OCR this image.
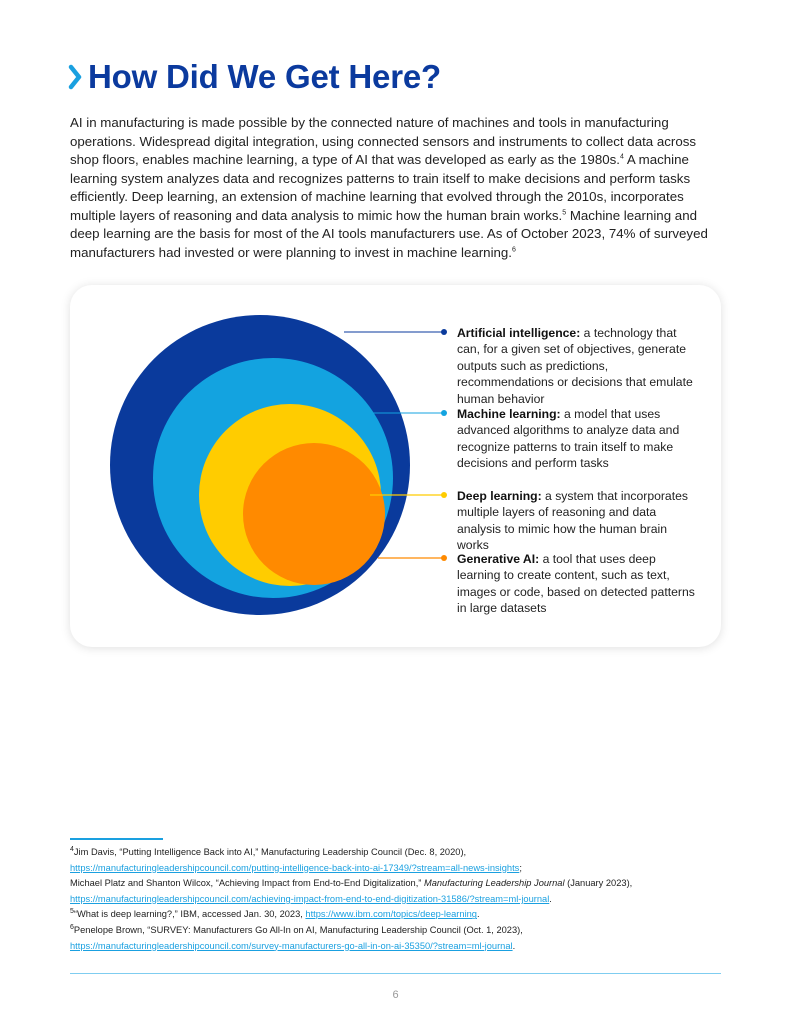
How Did We Get Here?

AI in manufacturing is made possible by the connected nature of machines and tools in manufacturing operations. Widespread digital integration, using connected sensors and instruments to collect data across shop floors, enables machine learning, a type of AI that was developed as early as the 1980s.$^4$ A machine learning system analyzes data and recognizes patterns to train itself to make decisions and perform tasks efficiently. Deep learning, an extension of machine learning that evolved through the 2010s, incorporates multiple layers of reasoning and data analysis to mimic how the human brain works.$^5$ Machine learning and deep learning are the basis for most of the AI tools manufacturers use. As of October 2023, 74% of surveyed manufacturers had invested or were planning to invest in machine learning.$^6$

Artificial intelligence: a technology that can, for a given set of objectives, generate outputs such as predictions, recommendations or decisions that emulate human behavior
Machine learning: a model that uses advanced algorithms to analyze data and recognize patterns to train itself to make decisions and perform tasks
Deep learning: a system that incorporates multiple layers of reasoning and data analysis to mimic how the human brain works
Generative AI: a tool that uses deep learning to create content, such as text, images or code, based on detected patterns in large datasets

$^4$Jim Davis, “Putting Intelligence Back into AI,” Manufacturing Leadership Council (Dec. 8, 2020),

https://manufacturingleadershipcouncil.com/putting-intelligence-back-into-ai-17349/?stream=all-news-insights;

Michael Platz and Shanton Wilcox, “Achieving Impact from End-to-End Digitalization,” Manufacturing Leadership Journal (January 2023),

https://manufacturingleadershipcouncil.com/achieving-impact-from-end-to-end-digitization-31586/?stream=ml-journal.

$^5$“What is deep learning?,” IBM, accessed Jan. 30, 2023, https://www.ibm.com/topics/deep-learning.

$^6$Penelope Brown, “SURVEY: Manufacturers Go All-In on AI, Manufacturing Leadership Council (Oct. 1, 2023),

https://manufacturingleadershipcouncil.com/survey-manufacturers-go-all-in-on-ai-35350/?stream=ml-journal.

6
